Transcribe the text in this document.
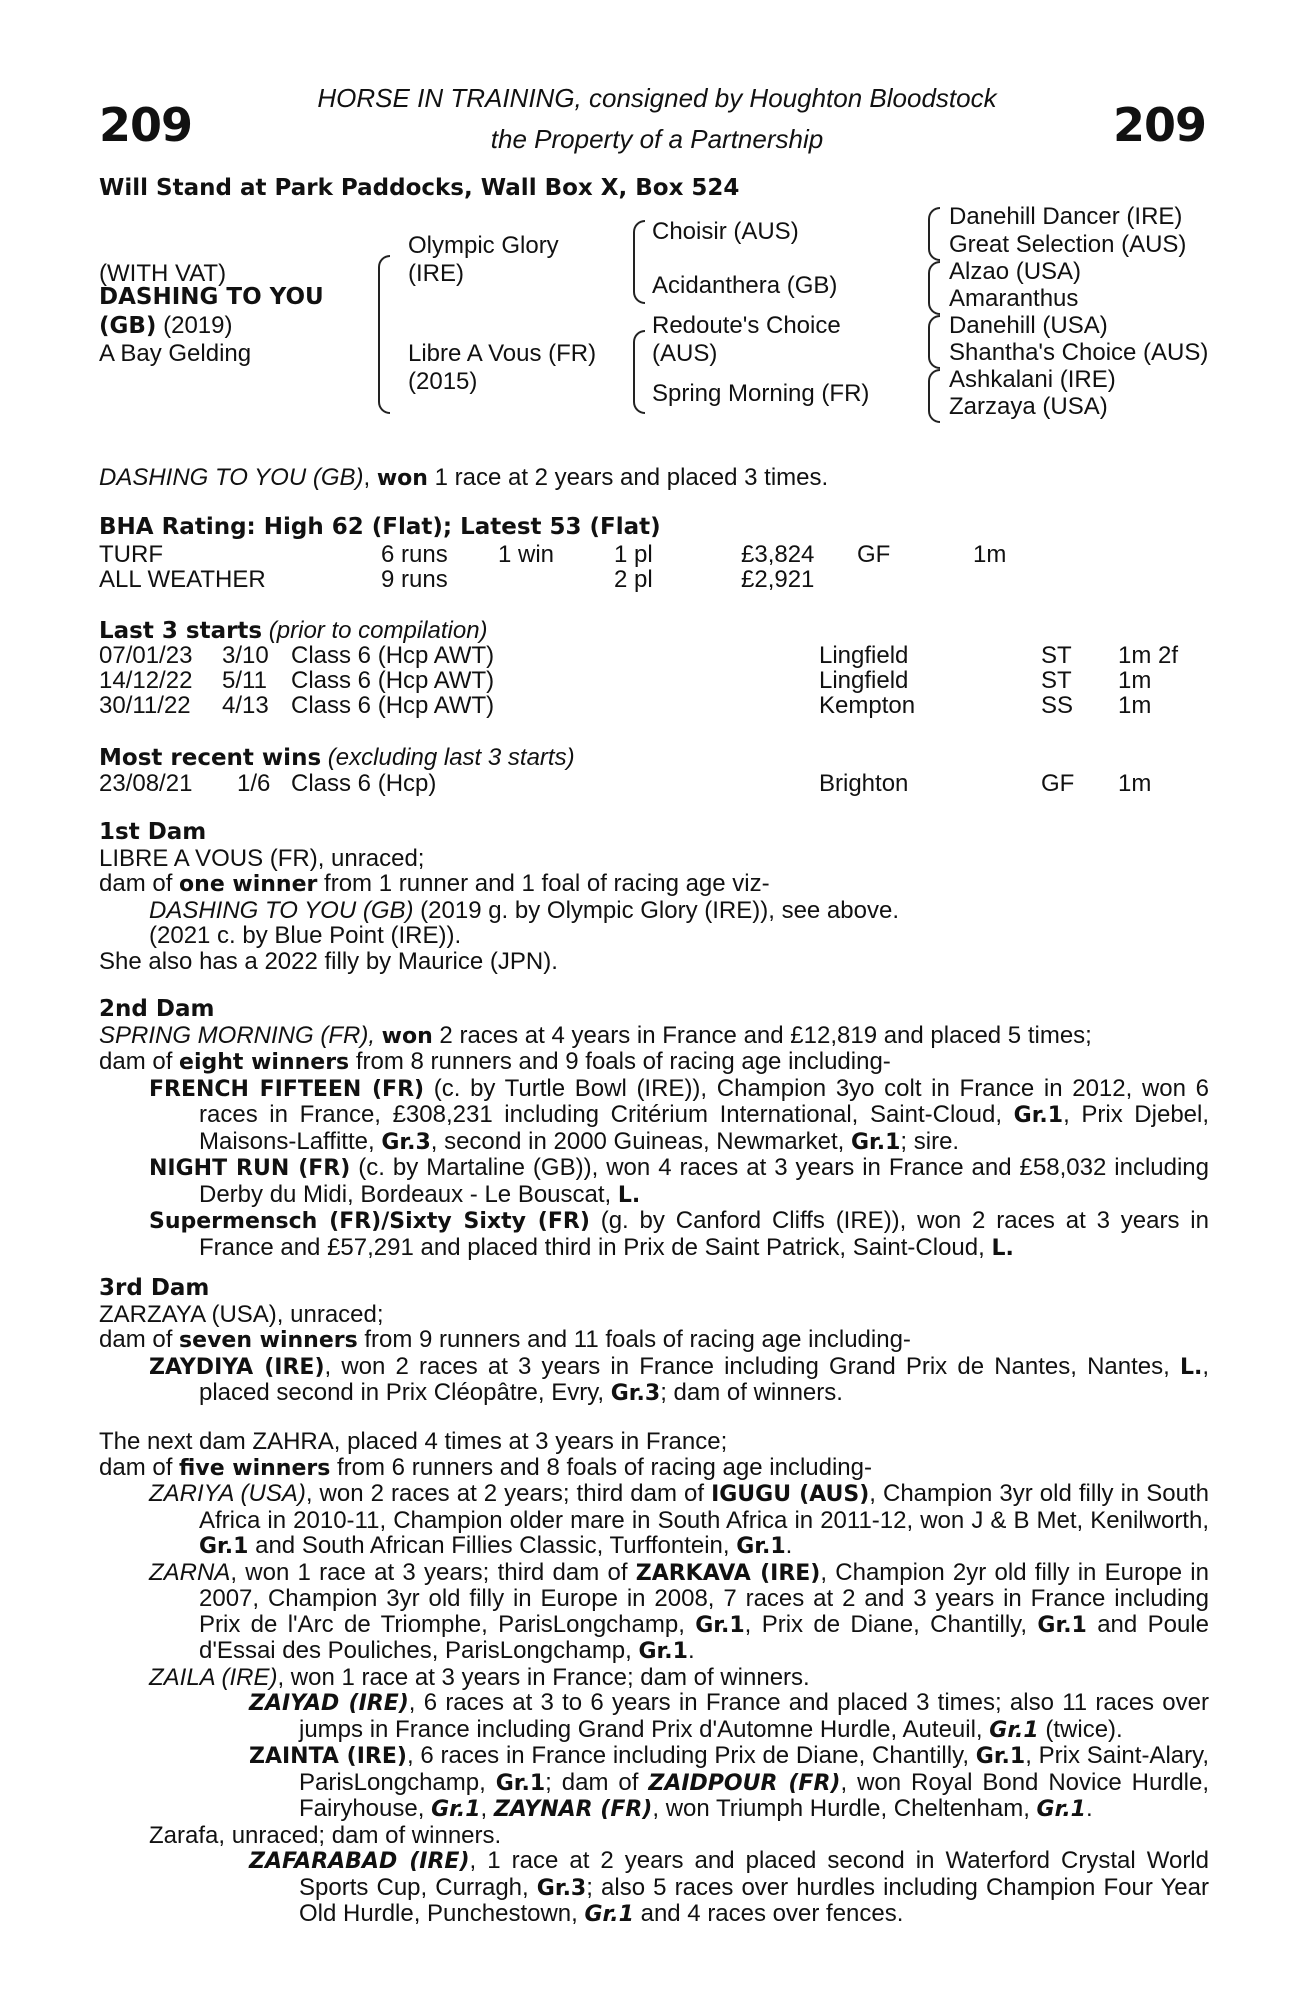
209	209
HORSE IN TRAINING, consigned by Houghton Bloodstock
the Property of a Partnership
Will Stand at Park Paddocks, Wall Box X, Box 524
(WITH VAT)
DASHING TO YOU
(GB) (2019)
A Bay Gelding
Olympic Glory
(IRE)
Libre A Vous (FR)
(2015)
Choisir (AUS)
Acidanthera (GB)
Redoute's Choice
(AUS)
Spring Morning (FR)
Danehill Dancer (IRE)
Great Selection (AUS)
Alzao (USA)
Amaranthus
Danehill (USA)
Shantha's Choice (AUS)
Ashkalani (IRE)
Zarzaya (USA)
DASHING TO YOU (GB), won 1 race at 2 years and placed 3 times.
BHA Rating: High 62 (Flat); Latest 53 (Flat)
TURF	6 runs 1 win 1 pl	£3,824 GF	1m
ALL WEATHER	9 runs	2 pl	£2,921
Last 3 starts (prior to compilation)
07/01/23 3/10 Class 6 (Hcp AWT)	Lingfield	ST 1m 2f
14/12/22 5/11 Class 6 (Hcp AWT)	Lingfield	ST 1m
30/11/22 4/13 Class 6 (Hcp AWT)	Kempton	SS 1m
Most recent wins (excluding last 3 starts)
23/08/21 1/6 Class 6 (Hcp)	Brighton	GF 1m
1st Dam
LIBRE A VOUS (FR), unraced;
dam of one winner from 1 runner and 1 foal of racing age viz-
DASHING TO YOU (GB) (2019 g. by Olympic Glory (IRE)), see above.
(2021 c. by Blue Point (IRE)).
She also has a 2022 filly by Maurice (JPN).
2nd Dam
SPRING MORNING (FR), won 2 races at 4 years in France and £12,819 and placed 5 times;
dam of eight winners from 8 runners and 9 foals of racing age including-
FRENCH FIFTEEN (FR) (c. by Turtle Bowl (IRE)), Champion 3yo colt in France in 2012, won 6 races in France, £308,231 including Critérium International, Saint-Cloud, Gr.1, Prix Djebel, Maisons-Laffitte, Gr.3, second in 2000 Guineas, Newmarket, Gr.1; sire.
NIGHT RUN (FR) (c. by Martaline (GB)), won 4 races at 3 years in France and £58,032 including Derby du Midi, Bordeaux - Le Bouscat, L.
Supermensch (FR)/Sixty Sixty (FR) (g. by Canford Cliffs (IRE)), won 2 races at 3 years in France and £57,291 and placed third in Prix de Saint Patrick, Saint-Cloud, L.
3rd Dam
ZARZAYA (USA), unraced;
dam of seven winners from 9 runners and 11 foals of racing age including-
ZAYDIYA (IRE), won 2 races at 3 years in France including Grand Prix de Nantes, Nantes, L., placed second in Prix Cléopâtre, Evry, Gr.3; dam of winners.
The next dam ZAHRA, placed 4 times at 3 years in France;
dam of five winners from 6 runners and 8 foals of racing age including-
ZARIYA (USA), won 2 races at 2 years; third dam of IGUGU (AUS), Champion 3yr old filly in South Africa in 2010-11, Champion older mare in South Africa in 2011-12, won J & B Met, Kenilworth, Gr.1 and South African Fillies Classic, Turffontein, Gr.1.
ZARNA, won 1 race at 3 years; third dam of ZARKAVA (IRE), Champion 2yr old filly in Europe in 2007, Champion 3yr old filly in Europe in 2008, 7 races at 2 and 3 years in France including Prix de l'Arc de Triomphe, ParisLongchamp, Gr.1, Prix de Diane, Chantilly, Gr.1 and Poule d'Essai des Pouliches, ParisLongchamp, Gr.1.
ZAILA (IRE), won 1 race at 3 years in France; dam of winners.
ZAIYAD (IRE), 6 races at 3 to 6 years in France and placed 3 times; also 11 races over jumps in France including Grand Prix d'Automne Hurdle, Auteuil, Gr.1 (twice).
ZAINTA (IRE), 6 races in France including Prix de Diane, Chantilly, Gr.1, Prix Saint-Alary, ParisLongchamp, Gr.1; dam of ZAIDPOUR (FR), won Royal Bond Novice Hurdle, Fairyhouse, Gr.1, ZAYNAR (FR), won Triumph Hurdle, Cheltenham, Gr.1.
Zarafa, unraced; dam of winners.
ZAFARABAD (IRE), 1 race at 2 years and placed second in Waterford Crystal World Sports Cup, Curragh, Gr.3; also 5 races over hurdles including Champion Four Year Old Hurdle, Punchestown, Gr.1 and 4 races over fences.
